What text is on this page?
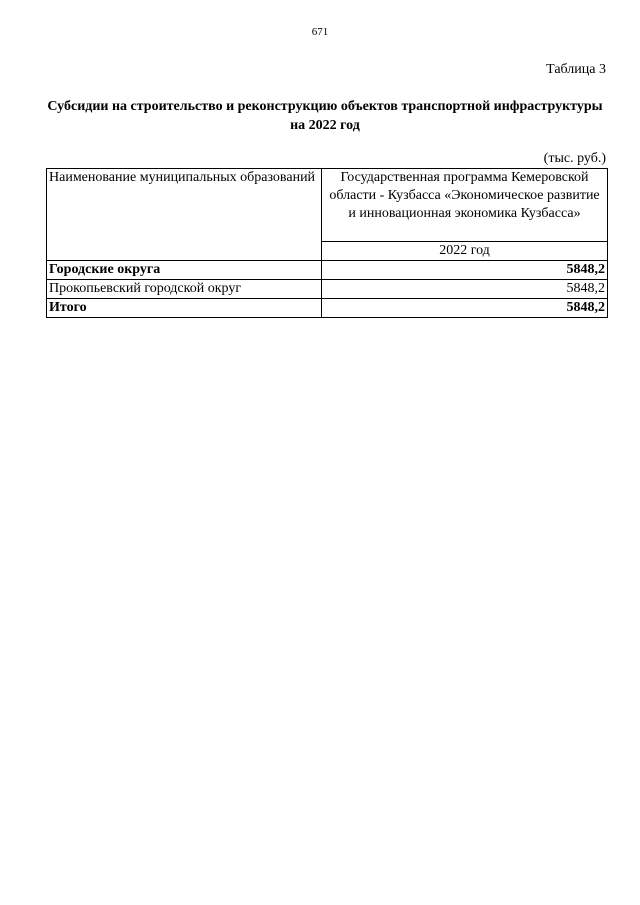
671
Таблица 3
Субсидии на строительство и реконструкцию объектов транспортной инфраструктуры
на 2022 год
(тыс. руб.)
Наименование муниципальных образований	Государственная программа Кемеровской области - Кузбасса «Экономическое развитие и инновационная экономика Кузбасса»
	2022 год
Городские округа	5848,2
Прокопьевский городской округ	5848,2
Итого	5848,2
